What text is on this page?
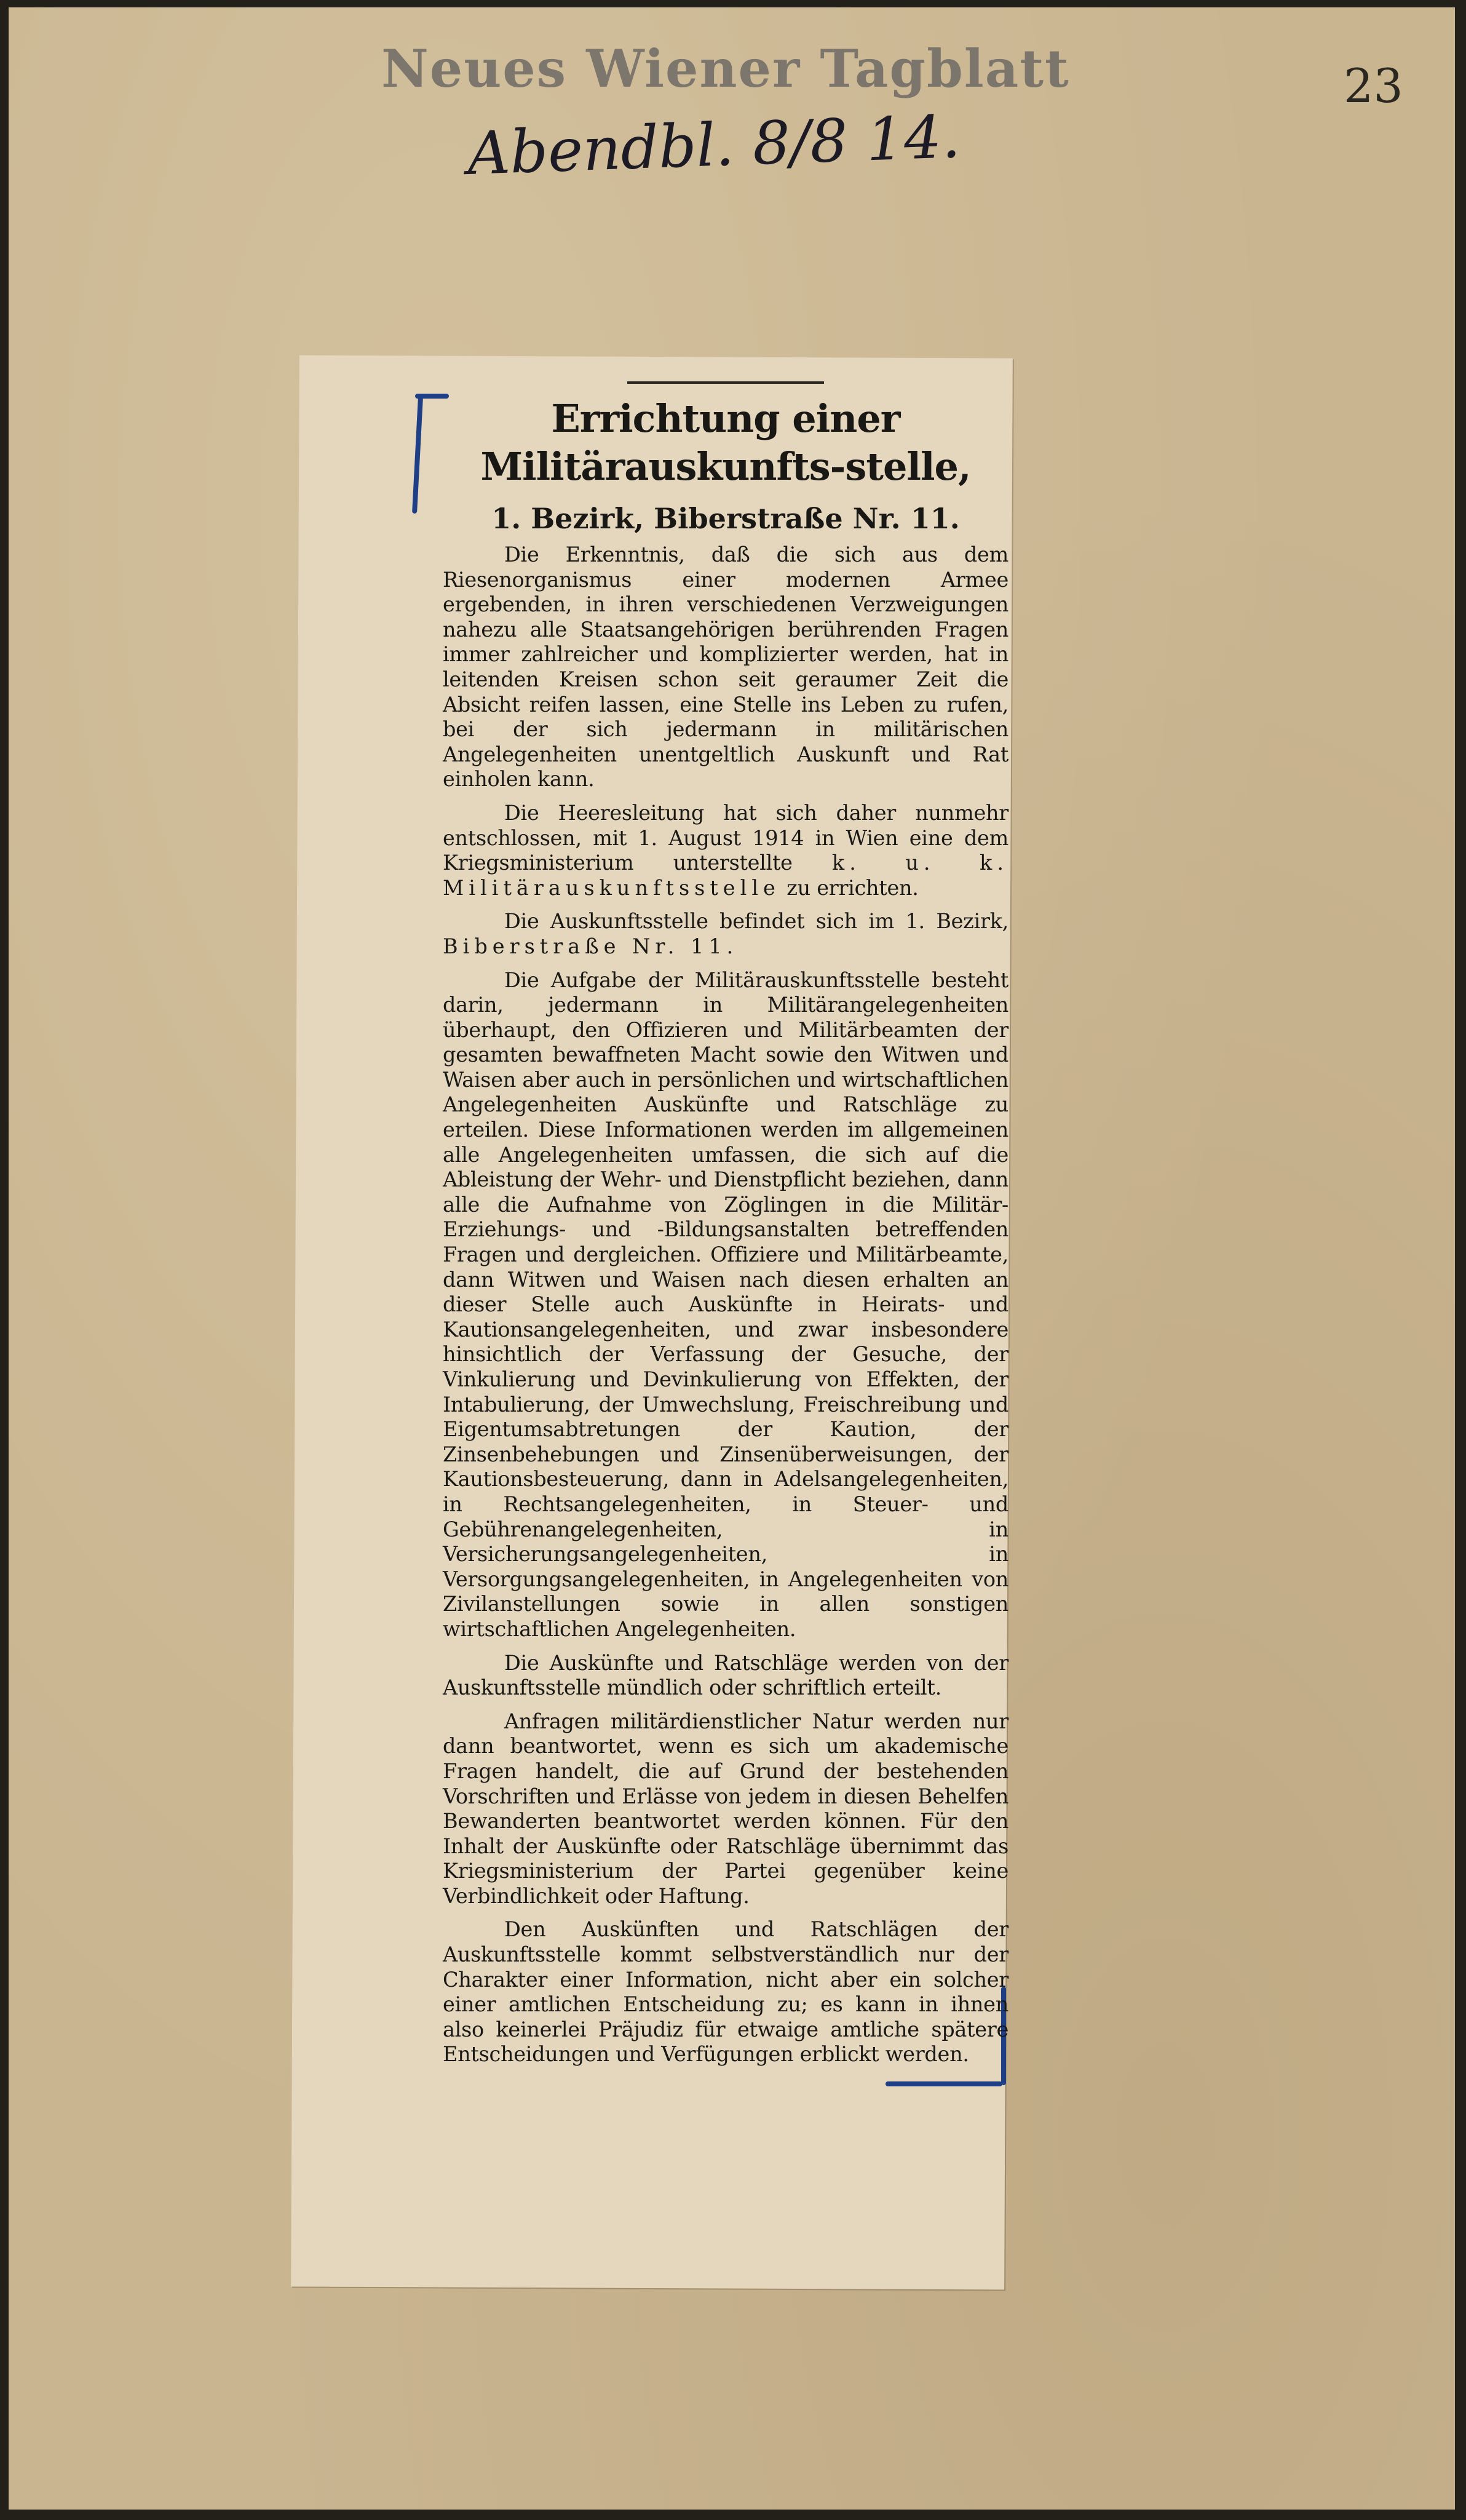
Neues Wiener Tagblatt
Abendbl. 8/8 14.
23
Errichtung einer Militärauskunfts-stelle,
1. Bezirk, Biberstraße Nr. 11.

Die Erkenntnis, daß die sich aus dem Riesenorganismus einer modernen Armee ergebenden, in ihren verschiedenen Verzweigungen nahezu alle Staatsangehörigen berührenden Fragen immer zahlreicher und komplizierter werden, hat in leitenden Kreisen schon seit geraumer Zeit die Absicht reifen lassen, eine Stelle ins Leben zu rufen, bei der sich jedermann in militärischen Angelegenheiten unentgeltlich Auskunft und Rat einholen kann.

Die Heeresleitung hat sich daher nunmehr entschlossen, mit 1. August 1914 in Wien eine dem Kriegsministerium unterstellte k. u. k. Militärauskunftsstelle zu errichten.

Die Auskunftsstelle befindet sich im 1. Bezirk, Biberstraße Nr. 11.

Die Aufgabe der Militärauskunftsstelle besteht darin, jedermann in Militärangelegenheiten überhaupt, den Offizieren und Militärbeamten der gesamten bewaffneten Macht sowie den Witwen und Waisen aber auch in persönlichen und wirtschaftlichen Angelegenheiten Auskünfte und Ratschläge zu erteilen. Diese Informationen werden im allgemeinen alle Angelegenheiten umfassen, die sich auf die Ableistung der Wehr- und Dienstpflicht beziehen, dann alle die Aufnahme von Zöglingen in die Militär-Erziehungs- und -Bildungsanstalten betreffenden Fragen und dergleichen. Offiziere und Militärbeamte, dann Witwen und Waisen nach diesen erhalten an dieser Stelle auch Auskünfte in Heirats- und Kautionsangelegenheiten, und zwar insbesondere hinsichtlich der Verfassung der Gesuche, der Vinkulierung und Devinkulierung von Effekten, der Intabulierung, der Umwechslung, Freischreibung und Eigentumsabtretungen der Kaution, der Zinsenbehebungen und Zinsenüberweisungen, der Kautionsbesteuerung, dann in Adelsangelegenheiten, in Rechtsangelegenheiten, in Steuer- und Gebührenangelegenheiten, in Versicherungsangelegenheiten, in Versorgungsangelegenheiten, in Angelegenheiten von Zivilanstellungen sowie in allen sonstigen wirtschaftlichen Angelegenheiten.

Die Auskünfte und Ratschläge werden von der Auskunftsstelle mündlich oder schriftlich erteilt.

Anfragen militärdienstlicher Natur werden nur dann beantwortet, wenn es sich um akademische Fragen handelt, die auf Grund der bestehenden Vorschriften und Erlässe von jedem in diesen Behelfen Bewanderten beantwortet werden können. Für den Inhalt der Auskünfte oder Ratschläge übernimmt das Kriegsministerium der Partei gegenüber keine Verbindlichkeit oder Haftung.

Den Auskünften und Ratschlägen der Auskunftsstelle kommt selbstverständlich nur der Charakter einer Information, nicht aber ein solcher einer amtlichen Entscheidung zu; es kann in ihnen also keinerlei Präjudiz für etwaige amtliche spätere Entscheidungen und Verfügungen erblickt werden.
